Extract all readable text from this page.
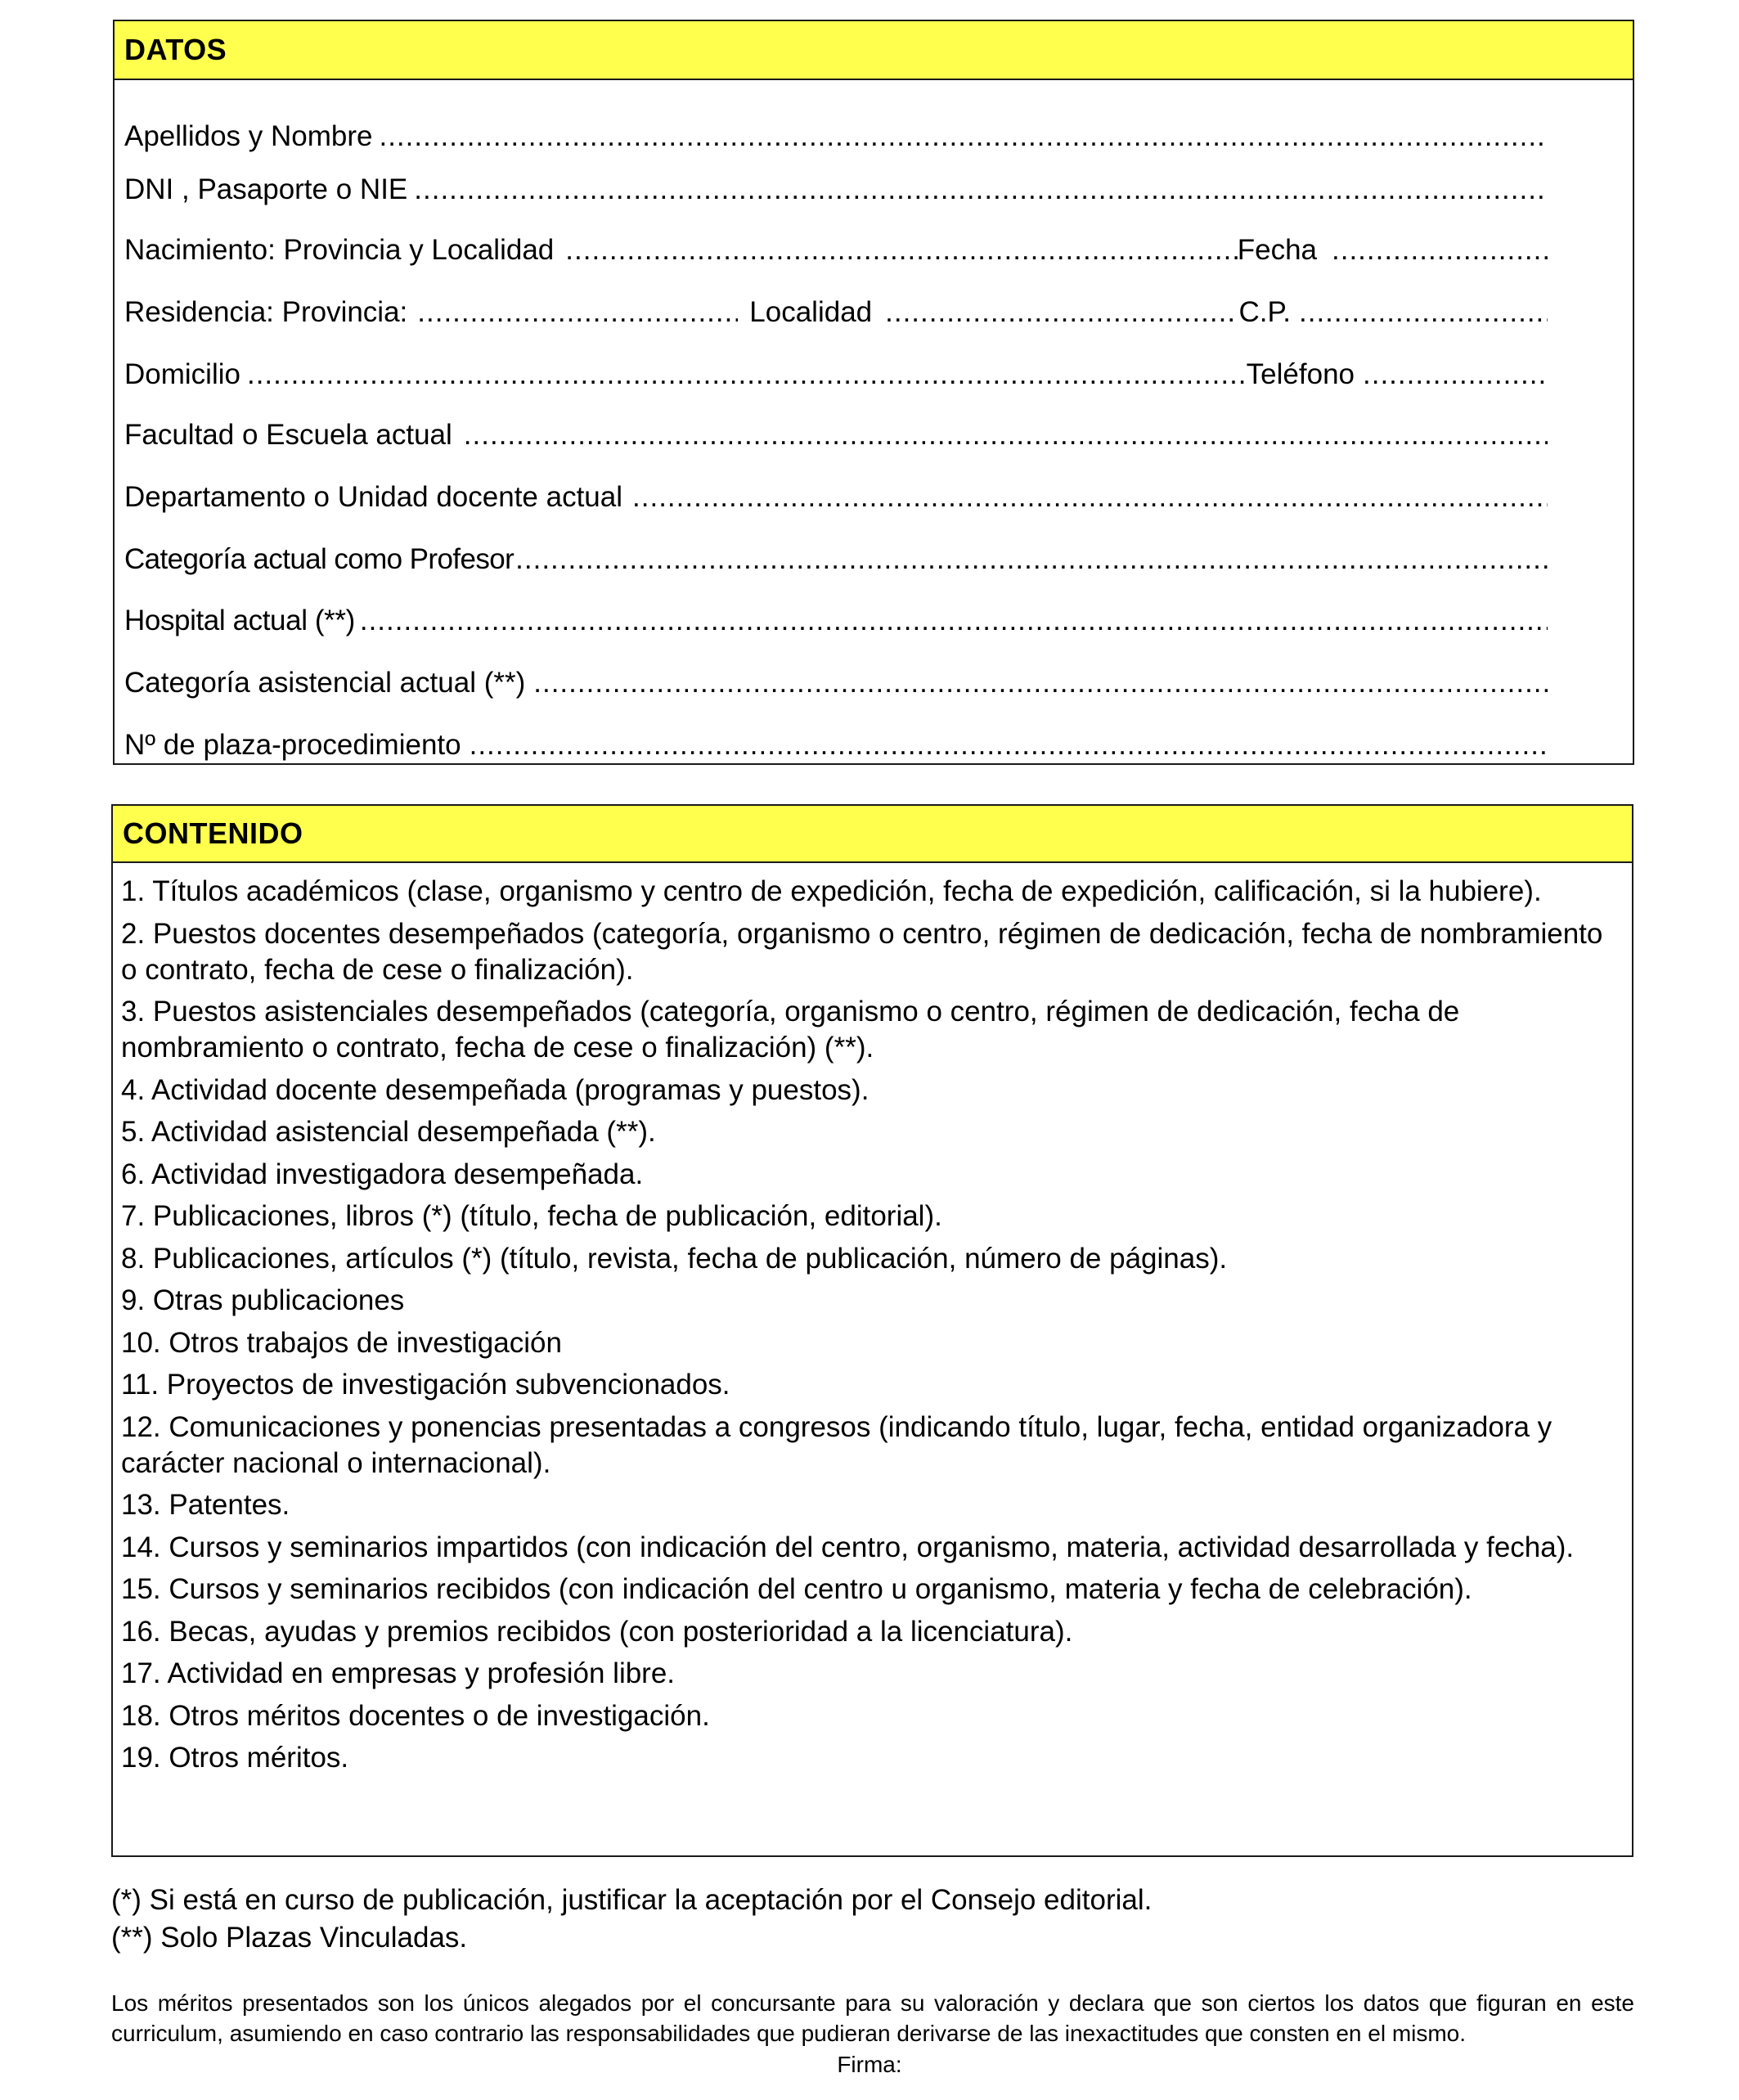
DATOS
Apellidos y Nombre
.....
DNI , Pasaporte o NIE
.....
Nacimiento: Provincia y Localidad .....	Fecha
.....
Residencia: Provincia: .....	Localidad .....	C.P.
.....
Domicilio .....	Teléfono
.....
Facultad o Escuela actual
.....
Departamento o Unidad docente actual
.....
Categoría actual como Profesor
.....
Hospital actual (**)
.....
Categoría asistencial actual (**)
.....
Nº de plaza-procedimiento
.....
CONTENIDO
1. Títulos académicos (clase, organismo y centro de expedición, fecha de expedición, calificación, si la hubiere).
2. Puestos docentes desempeñados (categoría, organismo o centro, régimen de dedicación, fecha de nombramiento o contrato, fecha de cese o finalización).
3. Puestos asistenciales desempeñados (categoría, organismo o centro, régimen de dedicación, fecha de nombramiento o contrato, fecha de cese o finalización) (**).
4. Actividad docente desempeñada (programas y puestos).
5. Actividad asistencial desempeñada (**).
6. Actividad investigadora desempeñada.
7. Publicaciones, libros (*) (título, fecha de publicación, editorial).
8. Publicaciones, artículos (*) (título, revista, fecha de publicación, número de páginas).
9. Otras publicaciones
10. Otros trabajos de investigación
11. Proyectos de investigación subvencionados.
12. Comunicaciones y ponencias presentadas a congresos (indicando título, lugar, fecha, entidad organizadora y carácter nacional o internacional).
13. Patentes.
14. Cursos y seminarios impartidos (con indicación del centro, organismo, materia, actividad desarrollada y fecha).
15. Cursos y seminarios recibidos (con indicación del centro u organismo, materia y fecha de celebración).
16. Becas, ayudas y premios recibidos (con posterioridad a la licenciatura).
17. Actividad en empresas y profesión libre.
18. Otros méritos docentes o de investigación.
19. Otros méritos.
(*) Si está en curso de publicación, justificar la aceptación por el Consejo editorial.
(**) Solo Plazas Vinculadas.
Los méritos presentados son los únicos alegados por el concursante para su valoración y declara que son ciertos los datos que figuran en este curriculum, asumiendo en caso contrario las responsabilidades que pudieran derivarse de las inexactitudes que consten en el mismo.
Firma:
